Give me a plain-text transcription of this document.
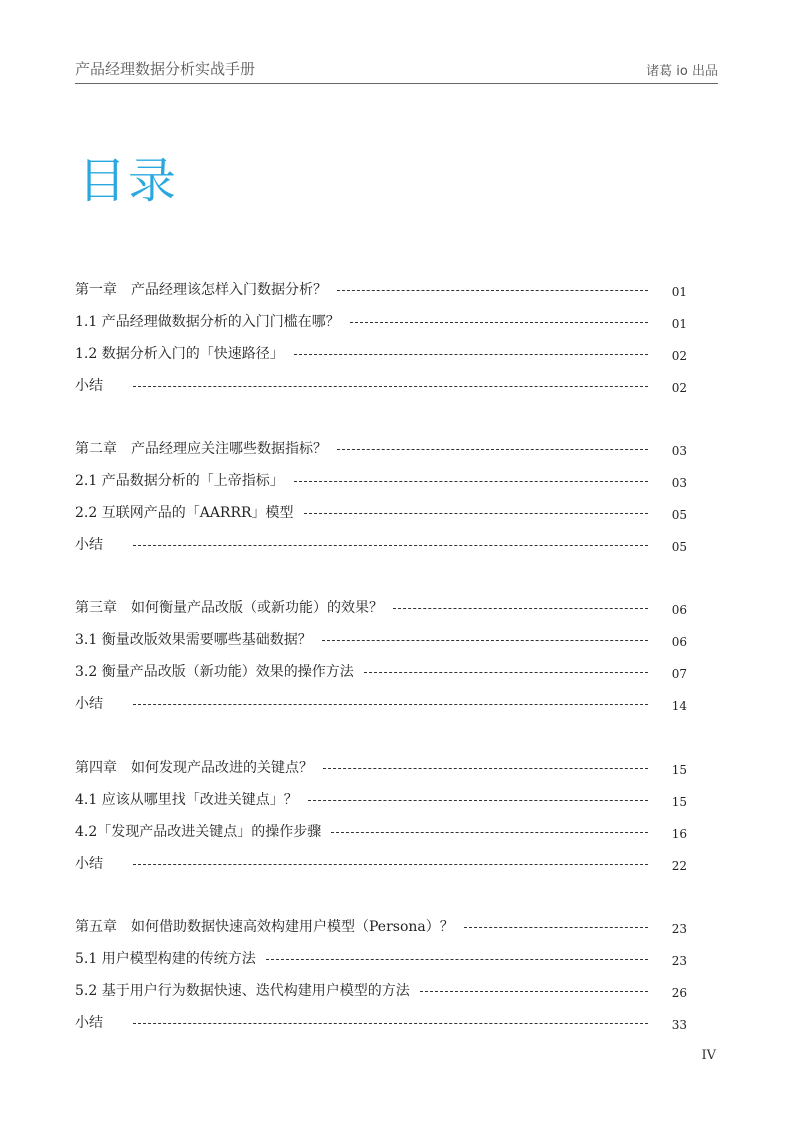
产品经理数据分析实战手册	诸葛 io 出品
目录
第一章　产品经理该怎样入门数据分析？	01
1.1 产品经理做数据分析的入门门槛在哪？	01
1.2 数据分析入门的「快速路径」	02
小结	02
第二章　产品经理应关注哪些数据指标？	03
2.1 产品数据分析的「上帝指标」	03
2.2 互联网产品的「AARRR」模型	05
小结	05
第三章　如何衡量产品改版（或新功能）的效果？	06
3.1 衡量改版效果需要哪些基础数据？	06
3.2 衡量产品改版（新功能）效果的操作方法	07
小结	14
第四章　如何发现产品改进的关键点？	15
4.1 应该从哪里找「改进关键点」？	15
4.2「发现产品改进关键点」的操作步骤	16
小结	22
第五章　如何借助数据快速高效构建用户模型（Persona）？	23
5.1 用户模型构建的传统方法	23
5.2 基于用户行为数据快速、迭代构建用户模型的方法	26
小结	33
IV
